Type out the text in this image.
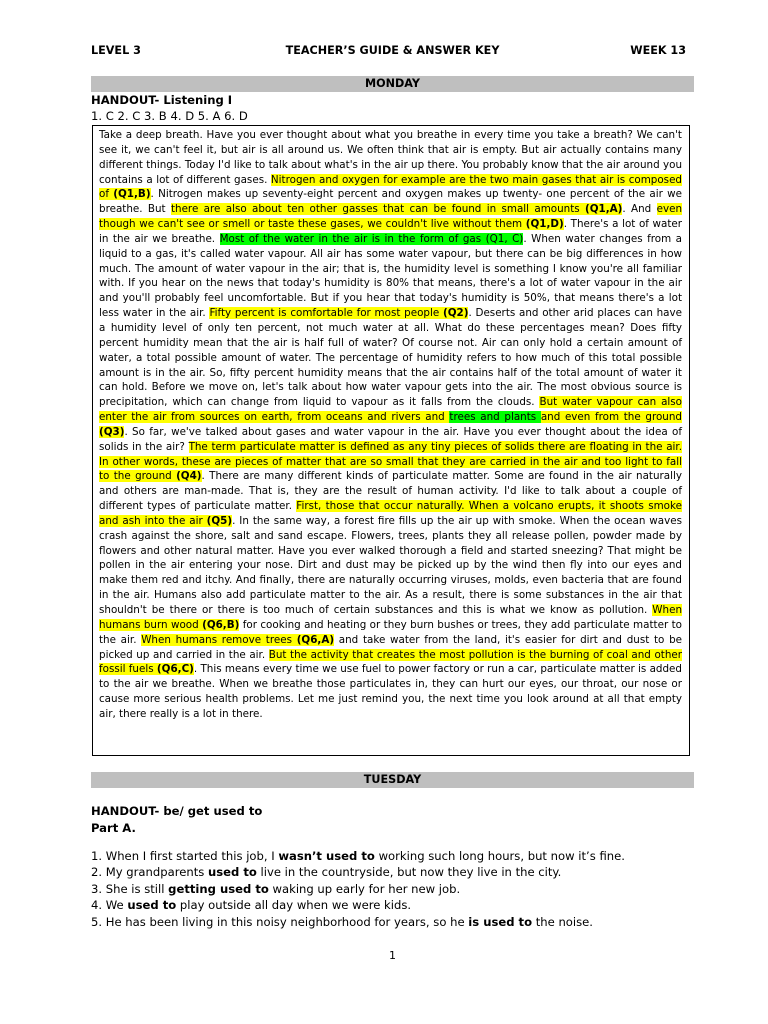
LEVEL 3	TEACHER’S GUIDE & ANSWER KEY	WEEK 13
MONDAY
HANDOUT- Listening I
1. C 2. C 3. B 4. D 5. A 6. D

Take a deep breath. Have you ever thought about what you breathe in every time you take a breath? We can't see it, we can't feel it, but air is all around us. We often think that air is empty. But air actually contains many different things. Today I'd like to talk about what's in the air up there. You probably know that the air around you contains a lot of different gases. Nitrogen and oxygen for example are the two main gases that air is composed of (Q1,B). Nitrogen makes up seventy-eight percent and oxygen makes up twenty- one percent of the air we breathe. But there are also about ten other gasses that can be found in small amounts (Q1,A). And even though we can't see or smell or taste these gases, we couldn't live without them (Q1,D). There's a lot of water in the air we breathe. Most of the water in the air is in the form of gas (Q1, C). When water changes from a liquid to a gas, it's called water vapour. All air has some water vapour, but there can be big differences in how much. The amount of water vapour in the air; that is, the humidity level is something I know you're all familiar with. If you hear on the news that today's humidity is 80% that means, there's a lot of water vapour in the air and you'll probably feel uncomfortable. But if you hear that today's humidity is 50%, that means there's a lot less water in the air. Fifty percent is comfortable for most people (Q2). Deserts and other arid places can have a humidity level of only ten percent, not much water at all. What do these percentages mean? Does fifty percent humidity mean that the air is half full of water? Of course not. Air can only hold a certain amount of water, a total possible amount of water. The percentage of humidity refers to how much of this total possible amount is in the air. So, fifty percent humidity means that the air contains half of the total amount of water it can hold. Before we move on, let's talk about how water vapour gets into the air. The most obvious source is precipitation, which can change from liquid to vapour as it falls from the clouds. But water vapour can also enter the air from sources on earth, from oceans and rivers and trees and plants and even from the ground (Q3). So far, we've talked about gases and water vapour in the air. Have you ever thought about the idea of solids in the air? The term particulate matter is defined as any tiny pieces of solids there are floating in the air. In other words, these are pieces of matter that are so small that they are carried in the air and too light to fall to the ground (Q4). There are many different kinds of particulate matter. Some are found in the air naturally and others are man-made. That is, they are the result of human activity. I'd like to talk about a couple of different types of particulate matter. First, those that occur naturally. When a volcano erupts, it shoots smoke and ash into the air (Q5). In the same way, a forest fire fills up the air up with smoke. When the ocean waves crash against the shore, salt and sand escape. Flowers, trees, plants they all release pollen, powder made by flowers and other natural matter. Have you ever walked thorough a field and started sneezing? That might be pollen in the air entering your nose. Dirt and dust may be picked up by the wind then fly into our eyes and make them red and itchy. And finally, there are naturally occurring viruses, molds, even bacteria that are found in the air. Humans also add particulate matter to the air. As a result, there is some substances in the air that shouldn't be there or there is too much of certain substances and this is what we know as pollution. When humans burn wood (Q6,B) for cooking and heating or they burn bushes or trees, they add particulate matter to the air. When humans remove trees (Q6,A) and take water from the land, it's easier for dirt and dust to be picked up and carried in the air. But the activity that creates the most pollution is the burning of coal and other fossil fuels (Q6,C). This means every time we use fuel to power factory or run a car, particulate matter is added to the air we breathe. When we breathe those particulates in, they can hurt our eyes, our throat, our nose or cause more serious health problems. Let me just remind you, the next time you look around at all that empty air, there really is a lot in there.

TUESDAY
HANDOUT- be/ get used to
Part A.
1. When I first started this job, I wasn’t used to working such long hours, but now it’s fine.
2. My grandparents used to live in the countryside, but now they live in the city.
3. She is still getting used to waking up early for her new job.
4. We used to play outside all day when we were kids.
5. He has been living in this noisy neighborhood for years, so he is used to the noise.
1
